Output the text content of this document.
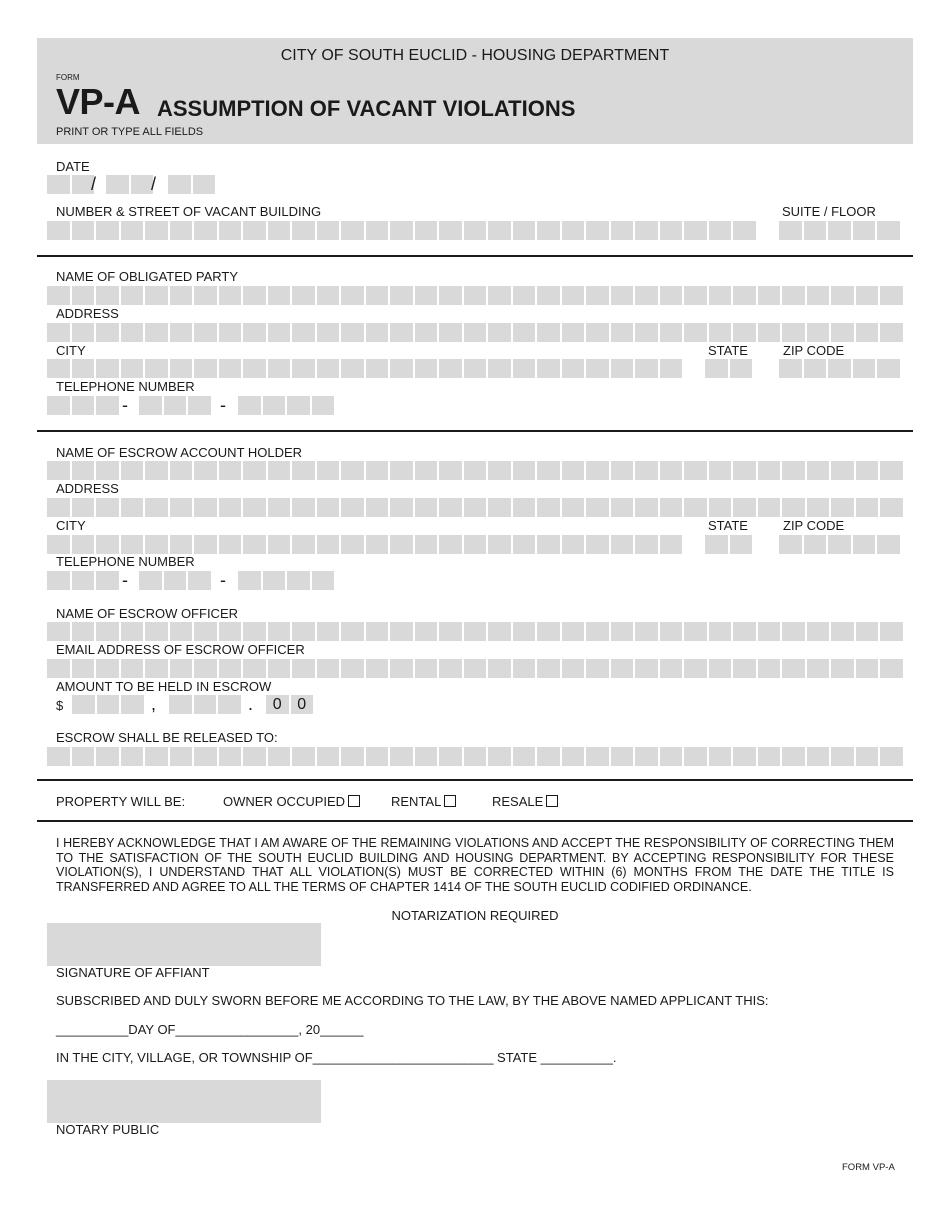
CITY OF SOUTH EUCLID - HOUSING DEPARTMENT
FORM
VP-A ASSUMPTION OF VACANT VIOLATIONS
PRINT OR TYPE ALL FIELDS
DATE
/	/
NUMBER & STREET OF VACANT BUILDING	SUITE / FLOOR
NAME OF OBLIGATED PARTY
ADDRESS
CITY	STATE	ZIP CODE
TELEPHONE NUMBER
-	-
NAME OF ESCROW ACCOUNT HOLDER
ADDRESS
CITY	STATE	ZIP CODE
TELEPHONE NUMBER
-	-
NAME OF ESCROW OFFICER
EMAIL ADDRESS OF ESCROW OFFICER
AMOUNT TO BE HELD IN ESCROW
$	,	.	0 0
ESCROW SHALL BE RELEASED TO:
PROPERTY WILL BE:	OWNER OCCUPIED	RENTAL	RESALE
I HEREBY ACKNOWLEDGE THAT I AM AWARE OF THE REMAINING VIOLATIONS AND ACCEPT THE RESPONSIBILITY OF CORRECTING THEM TO THE SATISFACTION OF THE SOUTH EUCLID BUILDING AND HOUSING DEPARTMENT. BY ACCEPTING RESPONSIBILITY FOR THESE VIOLATION(S), I UNDERSTAND THAT ALL VIOLATION(S) MUST BE CORRECTED WITHIN (6) MONTHS FROM THE DATE THE TITLE IS TRANSFERRED AND AGREE TO ALL THE TERMS OF CHAPTER 1414 OF THE SOUTH EUCLID CODIFIED ORDINANCE.
NOTARIZATION REQUIRED
SIGNATURE OF AFFIANT
SUBSCRIBED AND DULY SWORN BEFORE ME ACCORDING TO THE LAW, BY THE ABOVE NAMED APPLICANT THIS:
__________DAY OF_________________, 20______
IN THE CITY, VILLAGE, OR TOWNSHIP OF_________________________ STATE __________.
NOTARY PUBLIC
FORM VP-A
